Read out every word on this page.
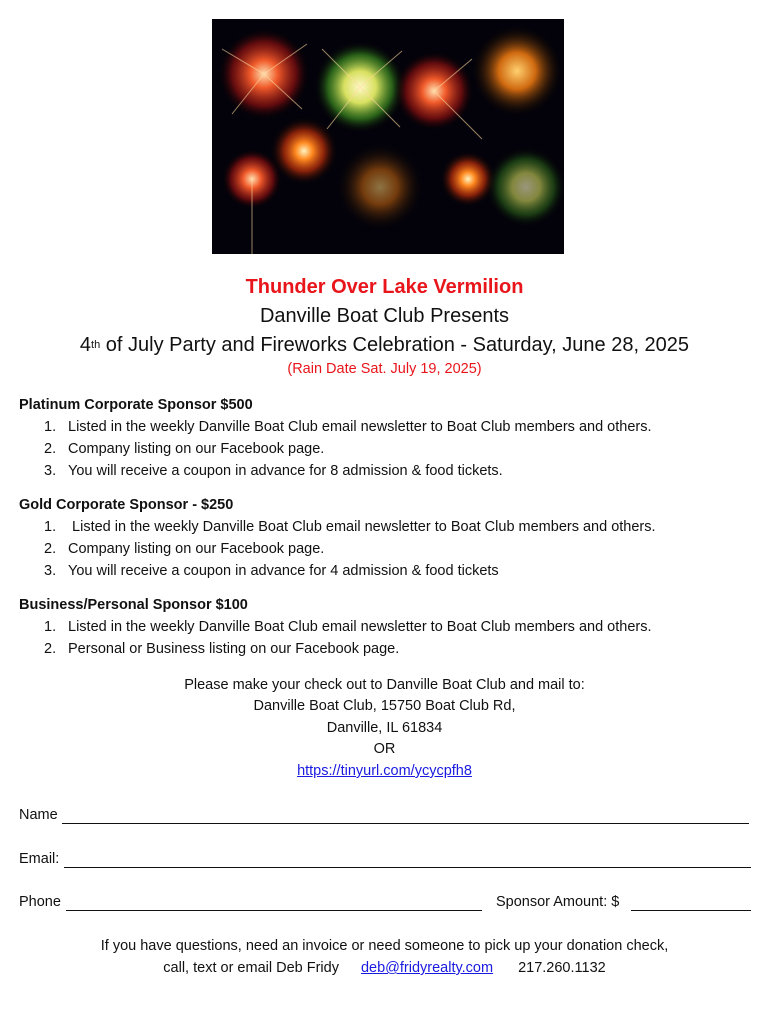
Thunder Over Lake Vermilion
Danville Boat Club Presents
4th of July Party and Fireworks Celebration - Saturday, June 28, 2025
(Rain Date Sat. July 19, 2025)
Platinum Corporate Sponsor $500
1. Listed in the weekly Danville Boat Club email newsletter to Boat Club members and others.
2. Company listing on our Facebook page.
3. You will receive a coupon in advance for 8 admission & food tickets.
Gold Corporate Sponsor - $250
1. Listed in the weekly Danville Boat Club email newsletter to Boat Club members and others.
2. Company listing on our Facebook page.
3. You will receive a coupon in advance for 4 admission & food tickets
Business/Personal Sponsor $100
1. Listed in the weekly Danville Boat Club email newsletter to Boat Club members and others.
2. Personal or Business listing on our Facebook page.
Please make your check out to Danville Boat Club and mail to:
Danville Boat Club, 15750 Boat Club Rd,
Danville, IL 61834
OR
https://tinyurl.com/ycycpfh8
Name
Email:
Phone	Sponsor Amount: $
If you have questions, need an invoice or need someone to pick up your donation check,
call, text or email Deb Fridy deb@fridyrealty.com 217.260.1132
